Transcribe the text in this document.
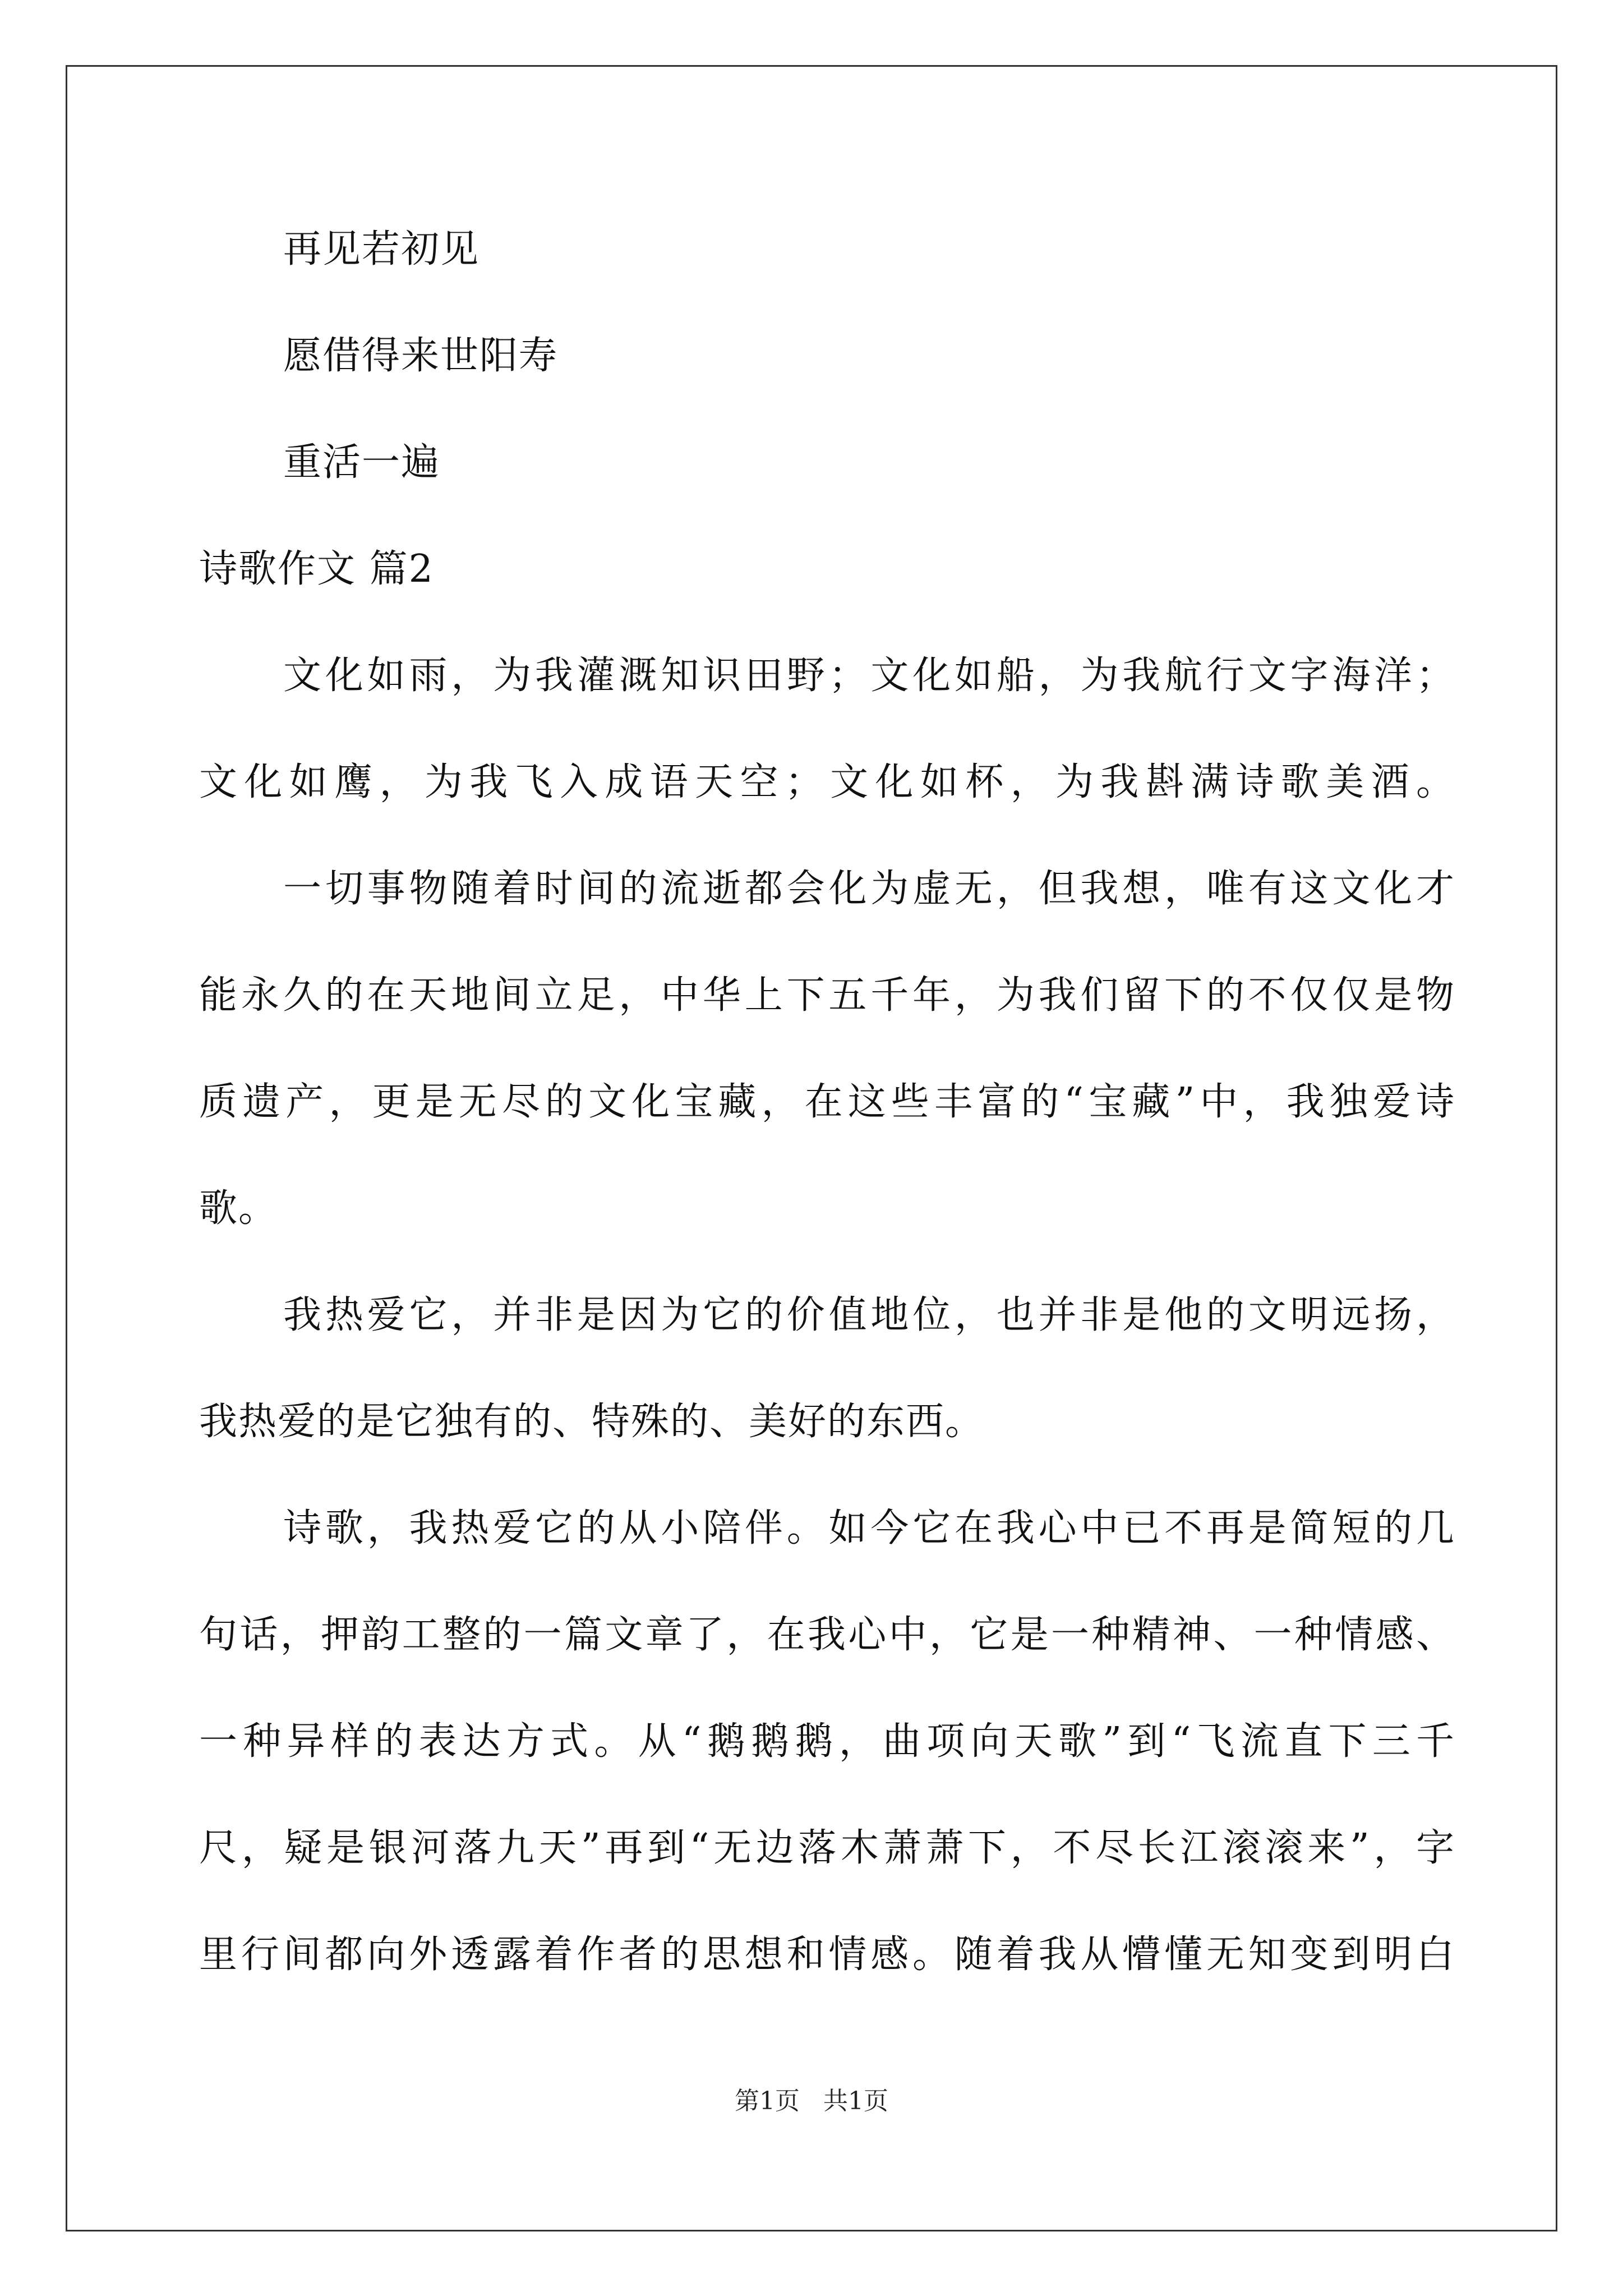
再见若初见
愿借得来世阳寿
重活一遍
诗歌作文 篇2
文化如雨，为我灌溉知识田野；文化如船，为我航行文字海洋；
文化如鹰，为我飞入成语天空；文化如杯，为我斟满诗歌美酒。
一切事物随着时间的流逝都会化为虚无，但我想，唯有这文化才
能永久的在天地间立足，中华上下五千年，为我们留下的不仅仅是物
质遗产，更是无尽的文化宝藏，在这些丰富的“宝藏”中，我独爱诗
歌。
我热爱它，并非是因为它的价值地位，也并非是他的文明远扬，
我热爱的是它独有的、特殊的、美好的东西。
诗歌，我热爱它的从小陪伴。如今它在我心中已不再是简短的几
句话，押韵工整的一篇文章了，在我心中，它是一种精神、一种情感、
一种异样的表达方式。从“鹅鹅鹅，曲项向天歌”到“飞流直下三千
尺，疑是银河落九天”再到“无边落木萧萧下，不尽长江滚滚来”，字
里行间都向外透露着作者的思想和情感。随着我从懵懂无知变到明白
第1页   共1页
